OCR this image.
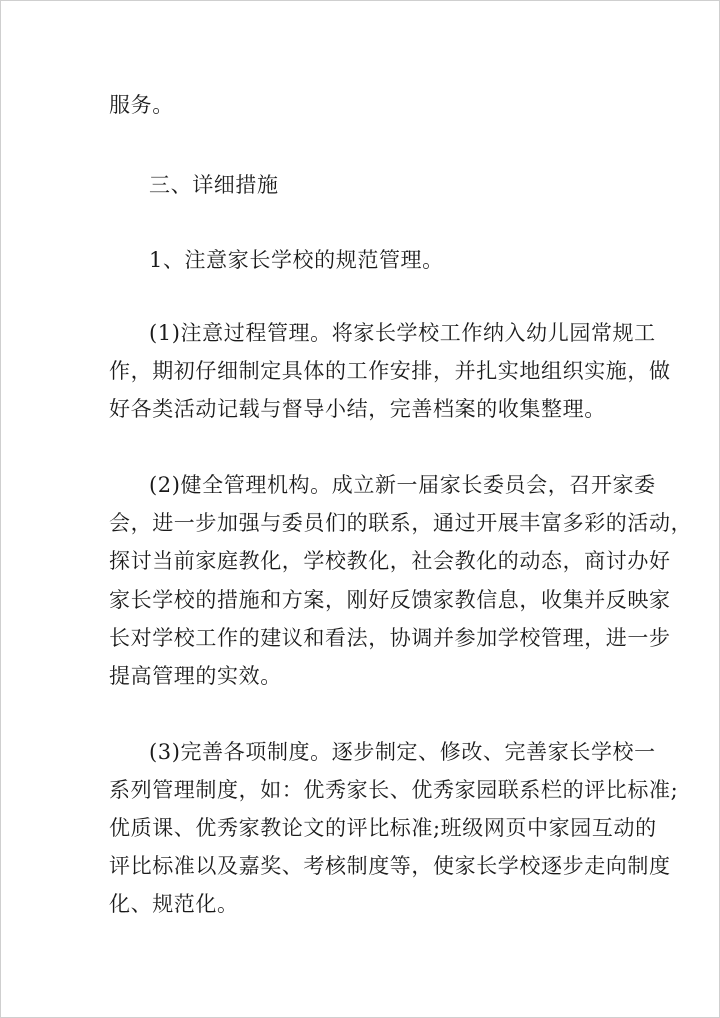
服务。
三、详细措施
1、注意家长学校的规范管理。
(1)注意过程管理。将家长学校工作纳入幼儿园常规工
作，期初仔细制定具体的工作安排，并扎实地组织实施，做
好各类活动记载与督导小结，完善档案的收集整理。
(2)健全管理机构。成立新一届家长委员会，召开家委
会，进一步加强与委员们的联系，通过开展丰富多彩的活动，
探讨当前家庭教化，学校教化，社会教化的动态，商讨办好
家长学校的措施和方案，刚好反馈家教信息，收集并反映家
长对学校工作的建议和看法，协调并参加学校管理，进一步
提高管理的实效。
(3)完善各项制度。逐步制定、修改、完善家长学校一
系列管理制度，如：优秀家长、优秀家园联系栏的评比标准;
优质课、优秀家教论文的评比标准;班级网页中家园互动的
评比标准以及嘉奖、考核制度等，使家长学校逐步走向制度
化、规范化。
